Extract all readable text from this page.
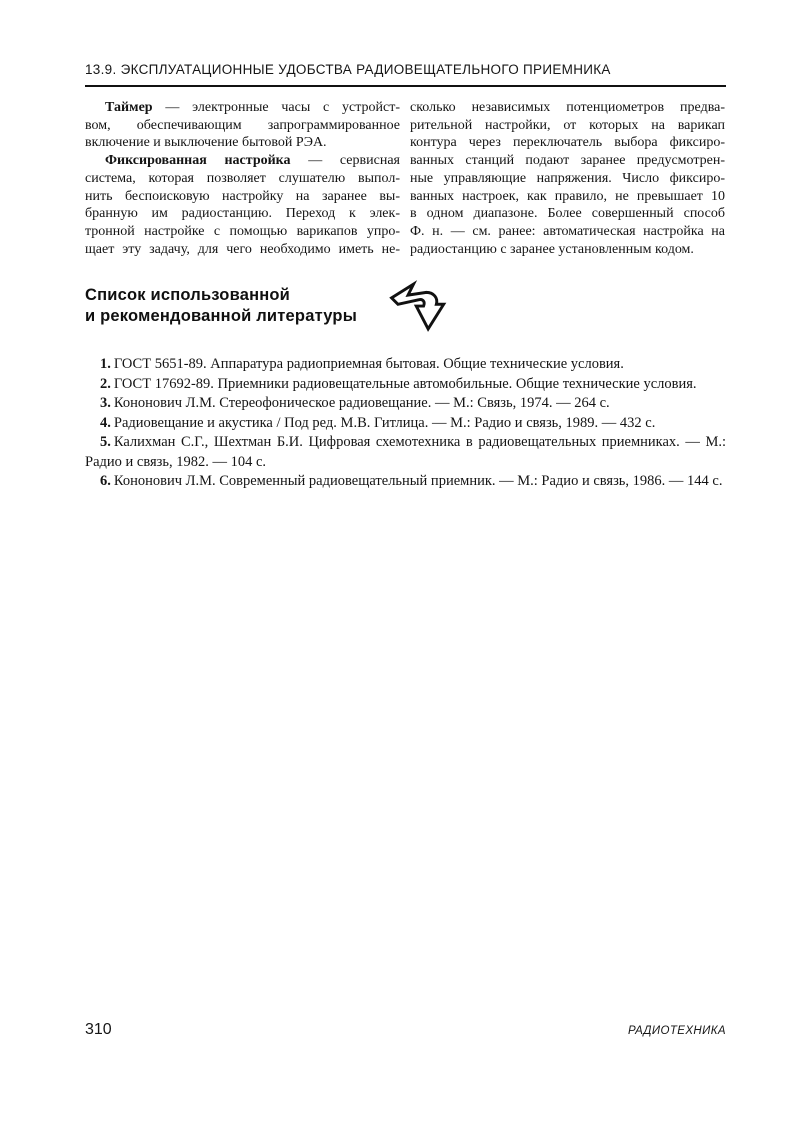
13.9. ЭКСПЛУАТАЦИОННЫЕ УДОБСТВА РАДИОВЕЩАТЕЛЬНОГО ПРИЕМНИКА
Таймер — электронные часы с устройст-
вом, обеспечивающим запрограммированное
включение и выключение бытовой РЭА.
Фиксированная настройка — сервисная
система, которая позволяет слушателю выпол-
нить беспоисковую настройку на заранее вы-
бранную им радиостанцию. Переход к элек-
тронной настройке с помощью варикапов упро-
щает эту задачу, для чего необходимо иметь не-
сколько независимых потенциометров предва-
рительной настройки, от которых на варикап
контура через переключатель выбора фиксиро-
ванных станций подают заранее предусмотрен-
ные управляющие напряжения. Число фиксиро-
ванных настроек, как правило, не превышает 10
в одном диапазоне. Более совершенный способ
Ф. н. — см. ранее: автоматическая настройка на
радиостанцию с заранее установленным кодом.
Список использованной
и рекомендованной литературы

1. ГОСТ 5651-89. Аппаратура радиоприемная бытовая. Общие технические условия.

2. ГОСТ 17692-89. Приемники радиовещательные автомобильные. Общие технические условия.

3. Кононович Л.М. Стереофоническое радиовещание. — М.: Связь, 1974. — 264 с.

4. Радиовещание и акустика / Под ред. М.В. Гитлица. — М.: Радио и связь, 1989. — 432 с.

5. Калихман С.Г., Шехтман Б.И. Цифровая схемотехника в радиовещательных приемниках. — М.: Радио и связь, 1982. — 104 с.

6. Кононович Л.М. Современный радиовещательный приемник. — М.: Радио и связь, 1986. — 144 с.

310	РАДИОТЕХНИКА
